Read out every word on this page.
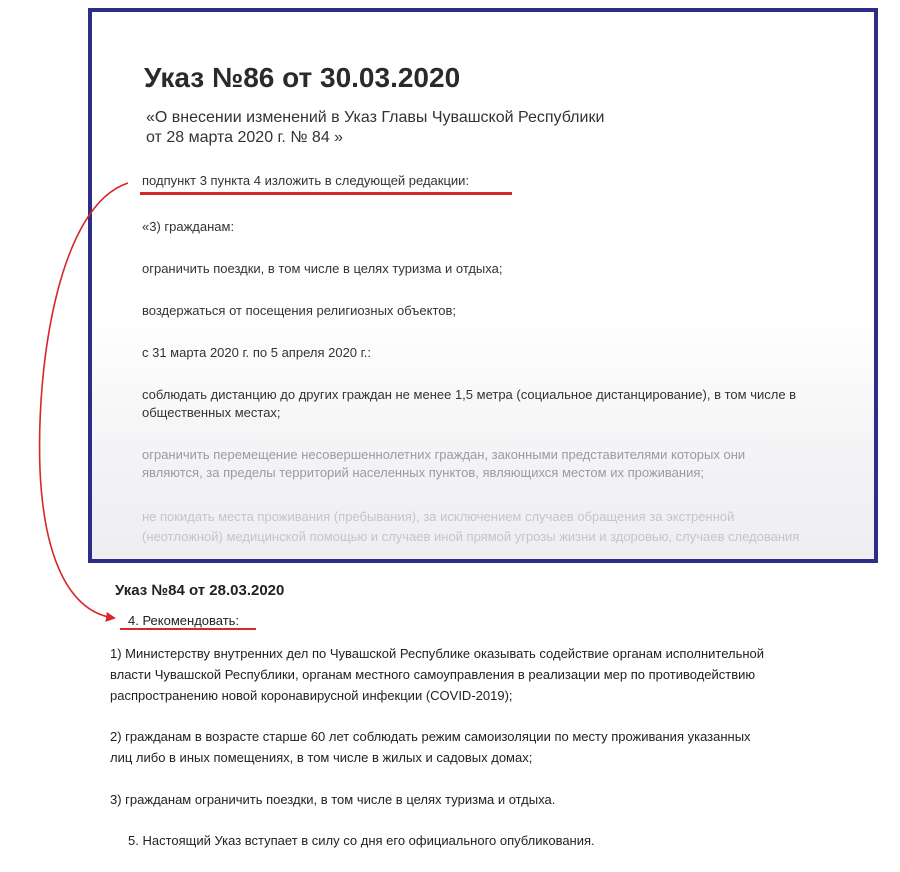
Указ №86 от 30.03.2020
«О внесении изменений в Указ Главы Чувашской Республики
от 28 марта 2020 г. № 84 »
подпункт 3 пункта 4 изложить в следующей редакции:
«3) гражданам:
ограничить поездки, в том числе в целях туризма и отдыха;
воздержаться от посещения религиозных объектов;
с 31 марта 2020 г. по 5 апреля 2020 г.:
соблюдать дистанцию до других граждан не менее 1,5 метра (социальное дистанцирование), в том числе в
общественных местах;
ограничить перемещение несовершеннолетних граждан, законными представителями которых они
являются, за пределы территорий населенных пунктов, являющихся местом их проживания;
не покидать места проживания (пребывания), за исключением случаев обращения за экстренной
(неотложной) медицинской помощью и случаев иной прямой угрозы жизни и здоровью, случаев следования
Указ №84 от 28.03.2020
4. Рекомендовать:
1) Министерству внутренних дел по Чувашской Республике оказывать содействие органам исполнительной
власти Чувашской Республики, органам местного самоуправления в реализации мер по противодействию
распространению новой коронавирусной инфекции (COVID-2019);
2) гражданам в возрасте старше 60 лет соблюдать режим самоизоляции по месту проживания указанных
лиц либо в иных помещениях, в том числе в жилых и садовых домах;
3) гражданам ограничить поездки, в том числе в целях туризма и отдыха.
5. Настоящий Указ вступает в силу со дня его официального опубликования.
